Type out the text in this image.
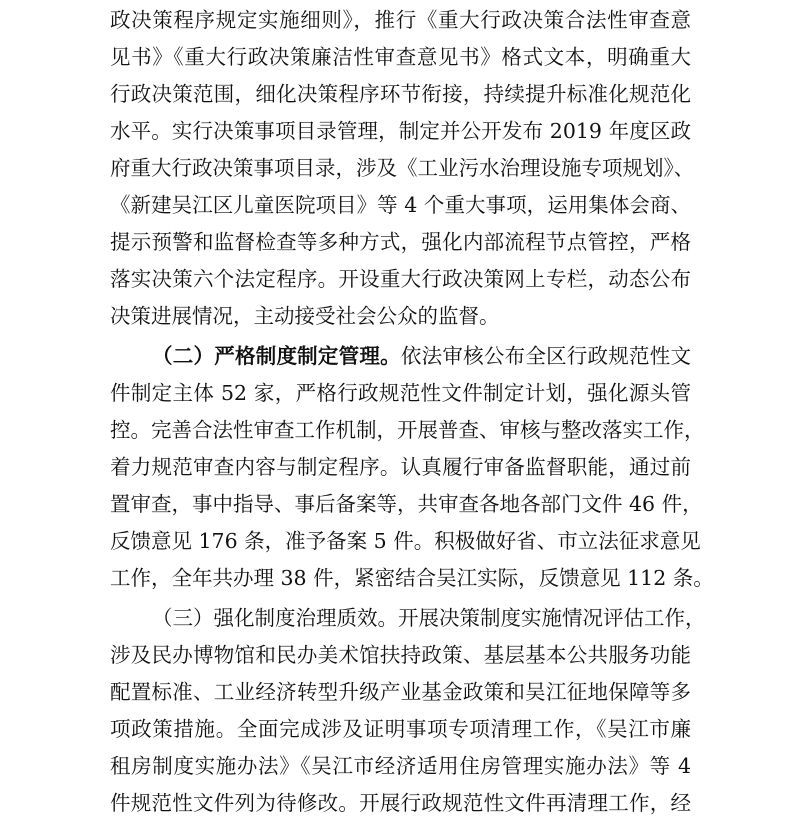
政决策程序规定实施细则》，推行《重大行政决策合法性审查意
见书》《重大行政决策廉洁性审查意见书》格式文本，明确重大
行政决策范围，细化决策程序环节衔接，持续提升标准化规范化
水平。实行决策事项目录管理，制定并公开发布 2019 年度区政
府重大行政决策事项目录，涉及《工业污水治理设施专项规划》、
《新建吴江区儿童医院项目》等 4 个重大事项，运用集体会商、
提示预警和监督检查等多种方式，强化内部流程节点管控，严格
落实决策六个法定程序。开设重大行政决策网上专栏，动态公布
决策进展情况，主动接受社会公众的监督。
（二）严格制度制定管理。依法审核公布全区行政规范性文
件制定主体 52 家，严格行政规范性文件制定计划，强化源头管
控。完善合法性审查工作机制，开展普查、审核与整改落实工作，
着力规范审查内容与制定程序。认真履行审备监督职能，通过前
置审查，事中指导、事后备案等，共审查各地各部门文件 46 件，
反馈意见 176 条，准予备案 5 件。积极做好省、市立法征求意见
工作，全年共办理 38 件，紧密结合吴江实际，反馈意见 112 条。
（三）强化制度治理质效。开展决策制度实施情况评估工作，
涉及民办博物馆和民办美术馆扶持政策、基层基本公共服务功能
配置标准、工业经济转型升级产业基金政策和吴江征地保障等多
项政策措施。全面完成涉及证明事项专项清理工作，《吴江市廉
租房制度实施办法》《吴江市经济适用住房管理实施办法》等 4
件规范性文件列为待修改。开展行政规范性文件再清理工作，经
